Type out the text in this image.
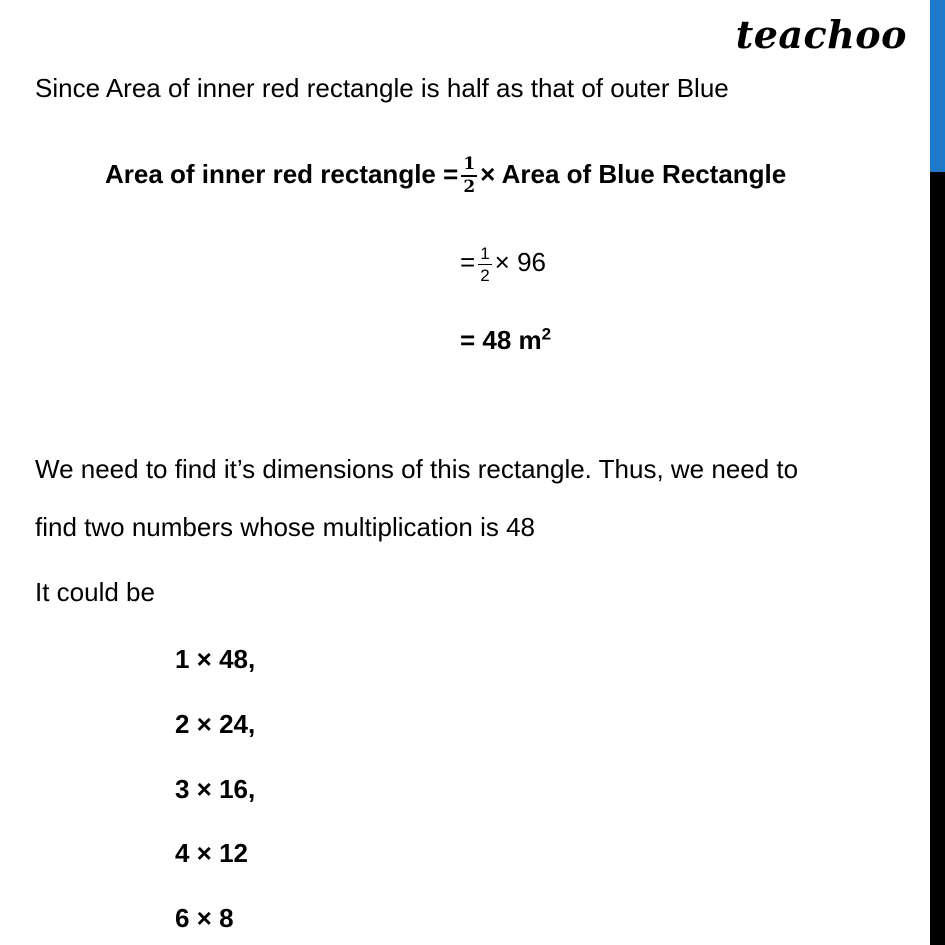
teachoo
Since Area of inner red rectangle is half as that of outer Blue
Area of inner red rectangle = $\frac{1}{2}$ × Area of Blue Rectangle
= $\frac{1}{2} \times 96$
= 48 $m^2$
We need to find it’s dimensions of this rectangle. Thus, we need to
find two numbers whose multiplication is 48
It could be
1 × 48,
2 × 24,
3 × 16,
4 × 12
6 × 8
